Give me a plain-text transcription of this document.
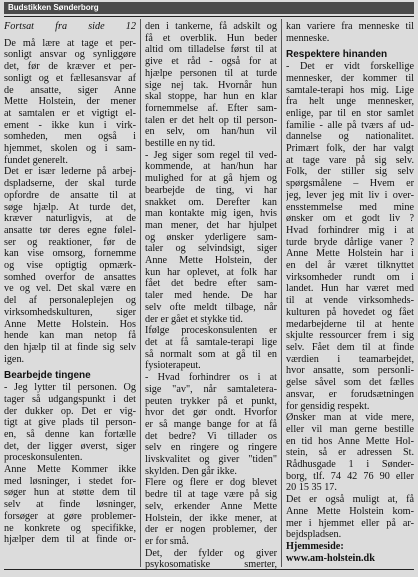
Budstikken Sønderborg
Fortsat fra side 12
De må lære at tage et per-
sonligt ansvar og synliggøre
det, før de kræver et per-
sonligt og et fællesansvar af
de ansatte, siger Anne
Mette Holstein, der mener
at samtalen er et vigtigt el-
ement - ikke kun i virk-
somheden, men også i
hjemmet, skolen og i sam-
fundet generelt.
Det er især lederne på arbej-
dspladserne, der skal turde
opfordre de ansatte til at
søge hjælp. At turde det,
kræver naturligvis, at de
ansatte tør deres egne følel-
ser og reaktioner, før de
kan vise omsorg, fornemme
og vise optigtig opmærk-
somhed overfor de ansattes
ve og vel. Det skal være en
del af personalepleje​n og
virksomhedskulturen, siger
Anne Mette Holstein. Hos
hende kan man netop få
den hjælp til at finde sig selv
igen.
Bearbejde tingene
- Jeg lytter til personen. Og
tager så udgangspunkt i det
der dukker op. Det er vig-
tigt at give plads til person-
en, så denne kan fortælle
det, der ligger øverst, siger
proceskonsulenten.
Anne Mette Kommer ikke
med løsninger, i stedet for-
søger hun at støtte dem til
selv at finde løsninger,
forsøger at gøre problemer-
ne konkrete og specifikke,
hjælper dem til at finde or-
den i tankerne, få adskilt og
få et overblik. Hun beder
altid om tilladelse først til at
give et råd - også for at
hjælpe personen til at turde
sige nej tak. Hvornår hun
skal stoppe, har hun en klar
fornemmelse af. Efter sam-
talen er det helt op til person-
en selv, om han/hun vil
bestille en ny tid.
- Jeg siger som regel til ved-
kommende, at han/hun har
mulighed for at gå hjem og
bearbejde de ting, vi har
snakket om. Derefter kan
man kontakte mig igen, hvis
man mener, det har hjulpet
og ønsker yderligere sam-
taler og selvindsigt, siger
Anne Mette Holstein, der
kun har oplevet, at folk har
fået det bedre efter sam-
taler med hende. De har
selv ofte meldt tilbage, når
der er gået et stykke tid.
Ifølge proceskonsulenten er
det at få samtale-terapi lige
så normalt som at gå til en
fysioterapeut.
- Hvad forhindrer os i at
sige "av", når samtaletera-
peuten trykker på et punkt,
hvor det gør ondt. Hvorfor
er så mange bange for at få
det bedre? Vi tillader os
selv en ringere og ringere
livskvalitet og giver "tiden"
skylden. Den går ikke.
Flere og flere er dog blevet
bedre til at tage være på sig
selv, erkender Anne Mette
Holstein, der ikke mener, at
der er nogen problemer, der
er for små.
Det, der fylder og giver
psykosomatiske smerter,
kan variere fra menneske til
menneske.
Respektere hinanden
- Det er vidt forskellige
mennesker, der kommer til
samtale-terapi hos mig. Lige
fra helt unge mennesker,
enlige, par til en stor samlet
familie - alle på tværs af ud-
dannelse og nationalitet.
Primært folk, der har valgt
at tage vare på sig selv.
Folk, der stiller sig selv
spørgsmålene – Hvem er
jeg, lever jeg mit liv i over-
ensstemmelse med mine
ønsker om et godt liv ?
Hvad forhindrer mig i at
turde bryde dårlige vaner ?
Anne Mette Holstein har i
en del år været tilknyttet
virksomheder rundt om i
landet. Hun har været med
til at vende virksomheds-
kulturen på hovedet og fået
medarbejderne til at hente
skjulte ressourcer frem i sig
selv. Fået dem til at finde
værdien i teamarbejdet,
hvor ansatte, som personli-
gelse såvel som det fælles
ansvar, er forudsætningen
for gensidig respekt.
Ønsker man at vide mere,
eller vil man gerne bestille
en tid hos Anne Mette Hol-
stein, så er adressen St.
Rådhusgade 1 i Sønder-
borg, tlf. 74 42 76 90 eller
20 15 35 17.
Det er også muligt at, få
Anne Mette Holstein kom-
mer i hjemmet eller på ar-
bejdspladsen.
Hjemmeside:
www.am-holstein.dk
